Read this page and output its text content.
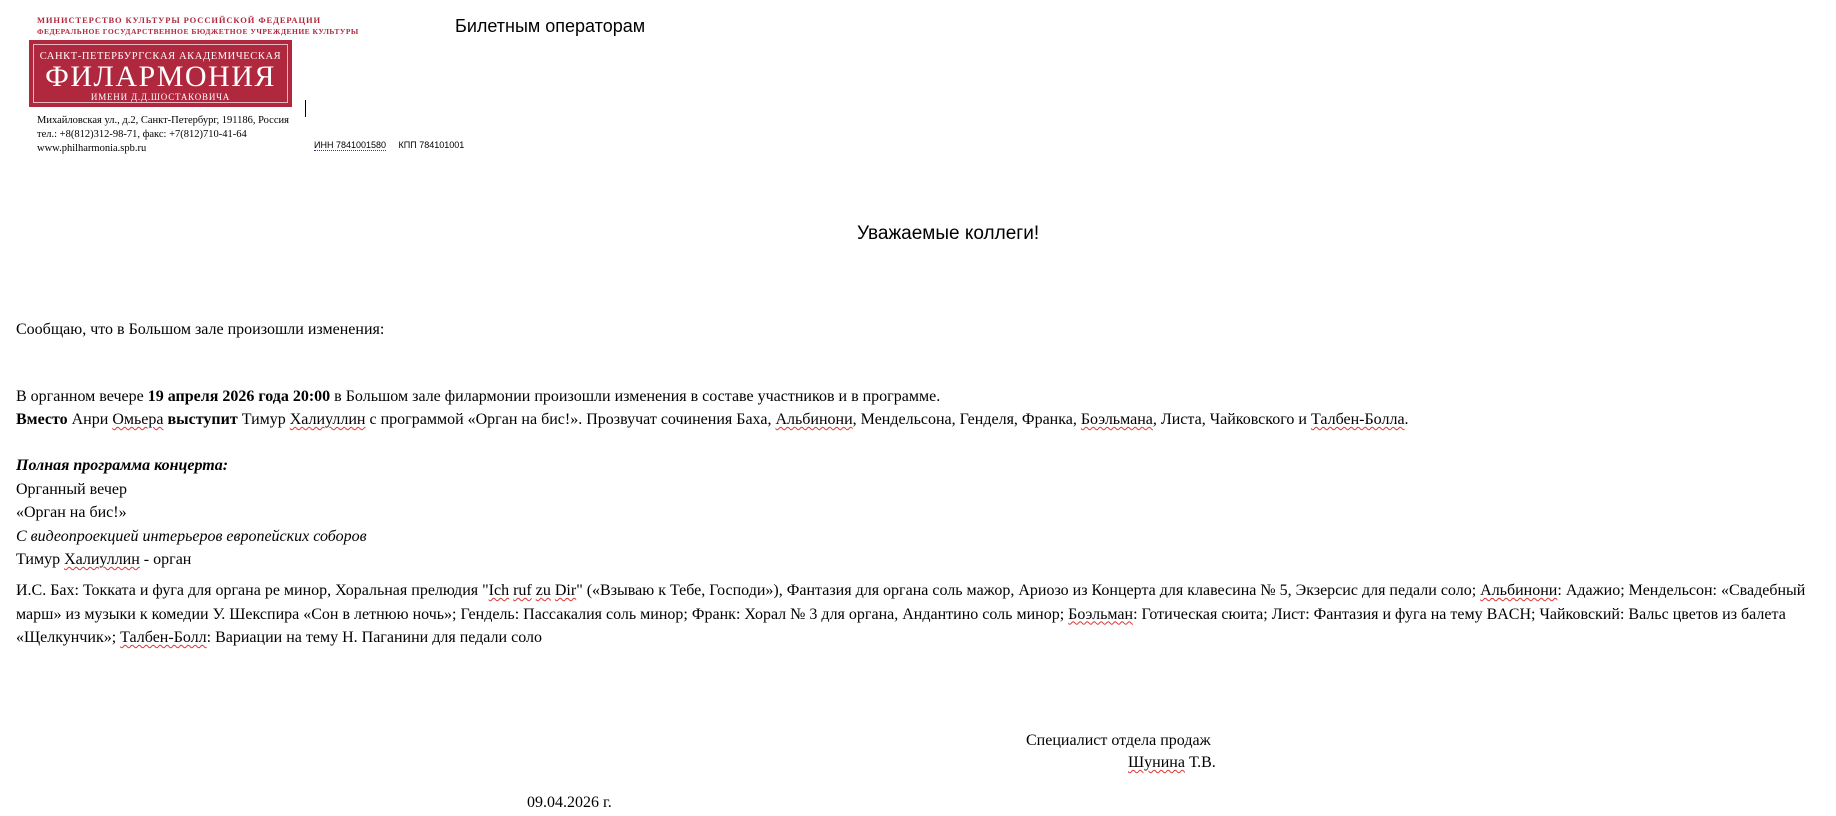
МИНИСТЕРСТВО КУЛЬТУРЫ РОССИЙСКОЙ ФЕДЕРАЦИИ
ФЕДЕРАЛЬНОЕ ГОСУДАРСТВЕННОЕ БЮДЖЕТНОЕ УЧРЕЖДЕНИЕ КУЛЬТУРЫ
САНКТ-ПЕТЕРБУРГСКАЯ АКАДЕМИЧЕСКАЯ
ФИЛАРМОНИЯ
ИМЕНИ Д.Д.ШОСТАКОВИЧА
Михайловская ул., д.2, Санкт-Петербург, 191186, Россия
тел.: +8(812)312-98-71, факс: +7(812)710-41-64
www.philharmonia.spb.ru	ИНН 7841001580 КПП 784101001
Билетным операторам
Уважаемые коллеги!
Сообщаю, что в Большом зале произошли изменения:
В органном вечере 19 апреля 2026 года 20:00 в Большом зале филармонии произошли изменения в составе участников и в программе.
Вместо Анри Омьера выступит Тимур Халиуллин с программой «Орган на бис!». Прозвучат сочинения Баха, Альбинони, Мендельсона, Генделя, Франка, Боэльмана, Листа, Чайковского и Талбен-Болла.
Полная программа концерта:
Органный вечер
«Орган на бис!»
С видеопроекцией интерьеров европейских соборов
Тимур Халиуллин - орган
И.С. Бах: Токката и фуга для органа ре минор, Хоральная прелюдия "Ich ruf zu Dir" («Взываю к Тебе, Господи»), Фантазия для органа соль мажор, Ариозо из Концерта для клавесина № 5, Экзерсис для педали соло; Альбинони: Адажио; Мендельсон: «Свадебный марш» из музыки к комедии У. Шекспира «Сон в летнюю ночь»; Гендель: Пассакалия соль минор; Франк: Хорал № 3 для органа, Андантино соль минор; Боэльман: Готическая сюита; Лист: Фантазия и фуга на тему BACH; Чайковский: Вальс цветов из балета «Щелкунчик»; Талбен-Болл: Вариации на тему Н. Паганини для педали соло
Специалист отдела продаж
Шунина Т.В.
09.04.2026 г.
